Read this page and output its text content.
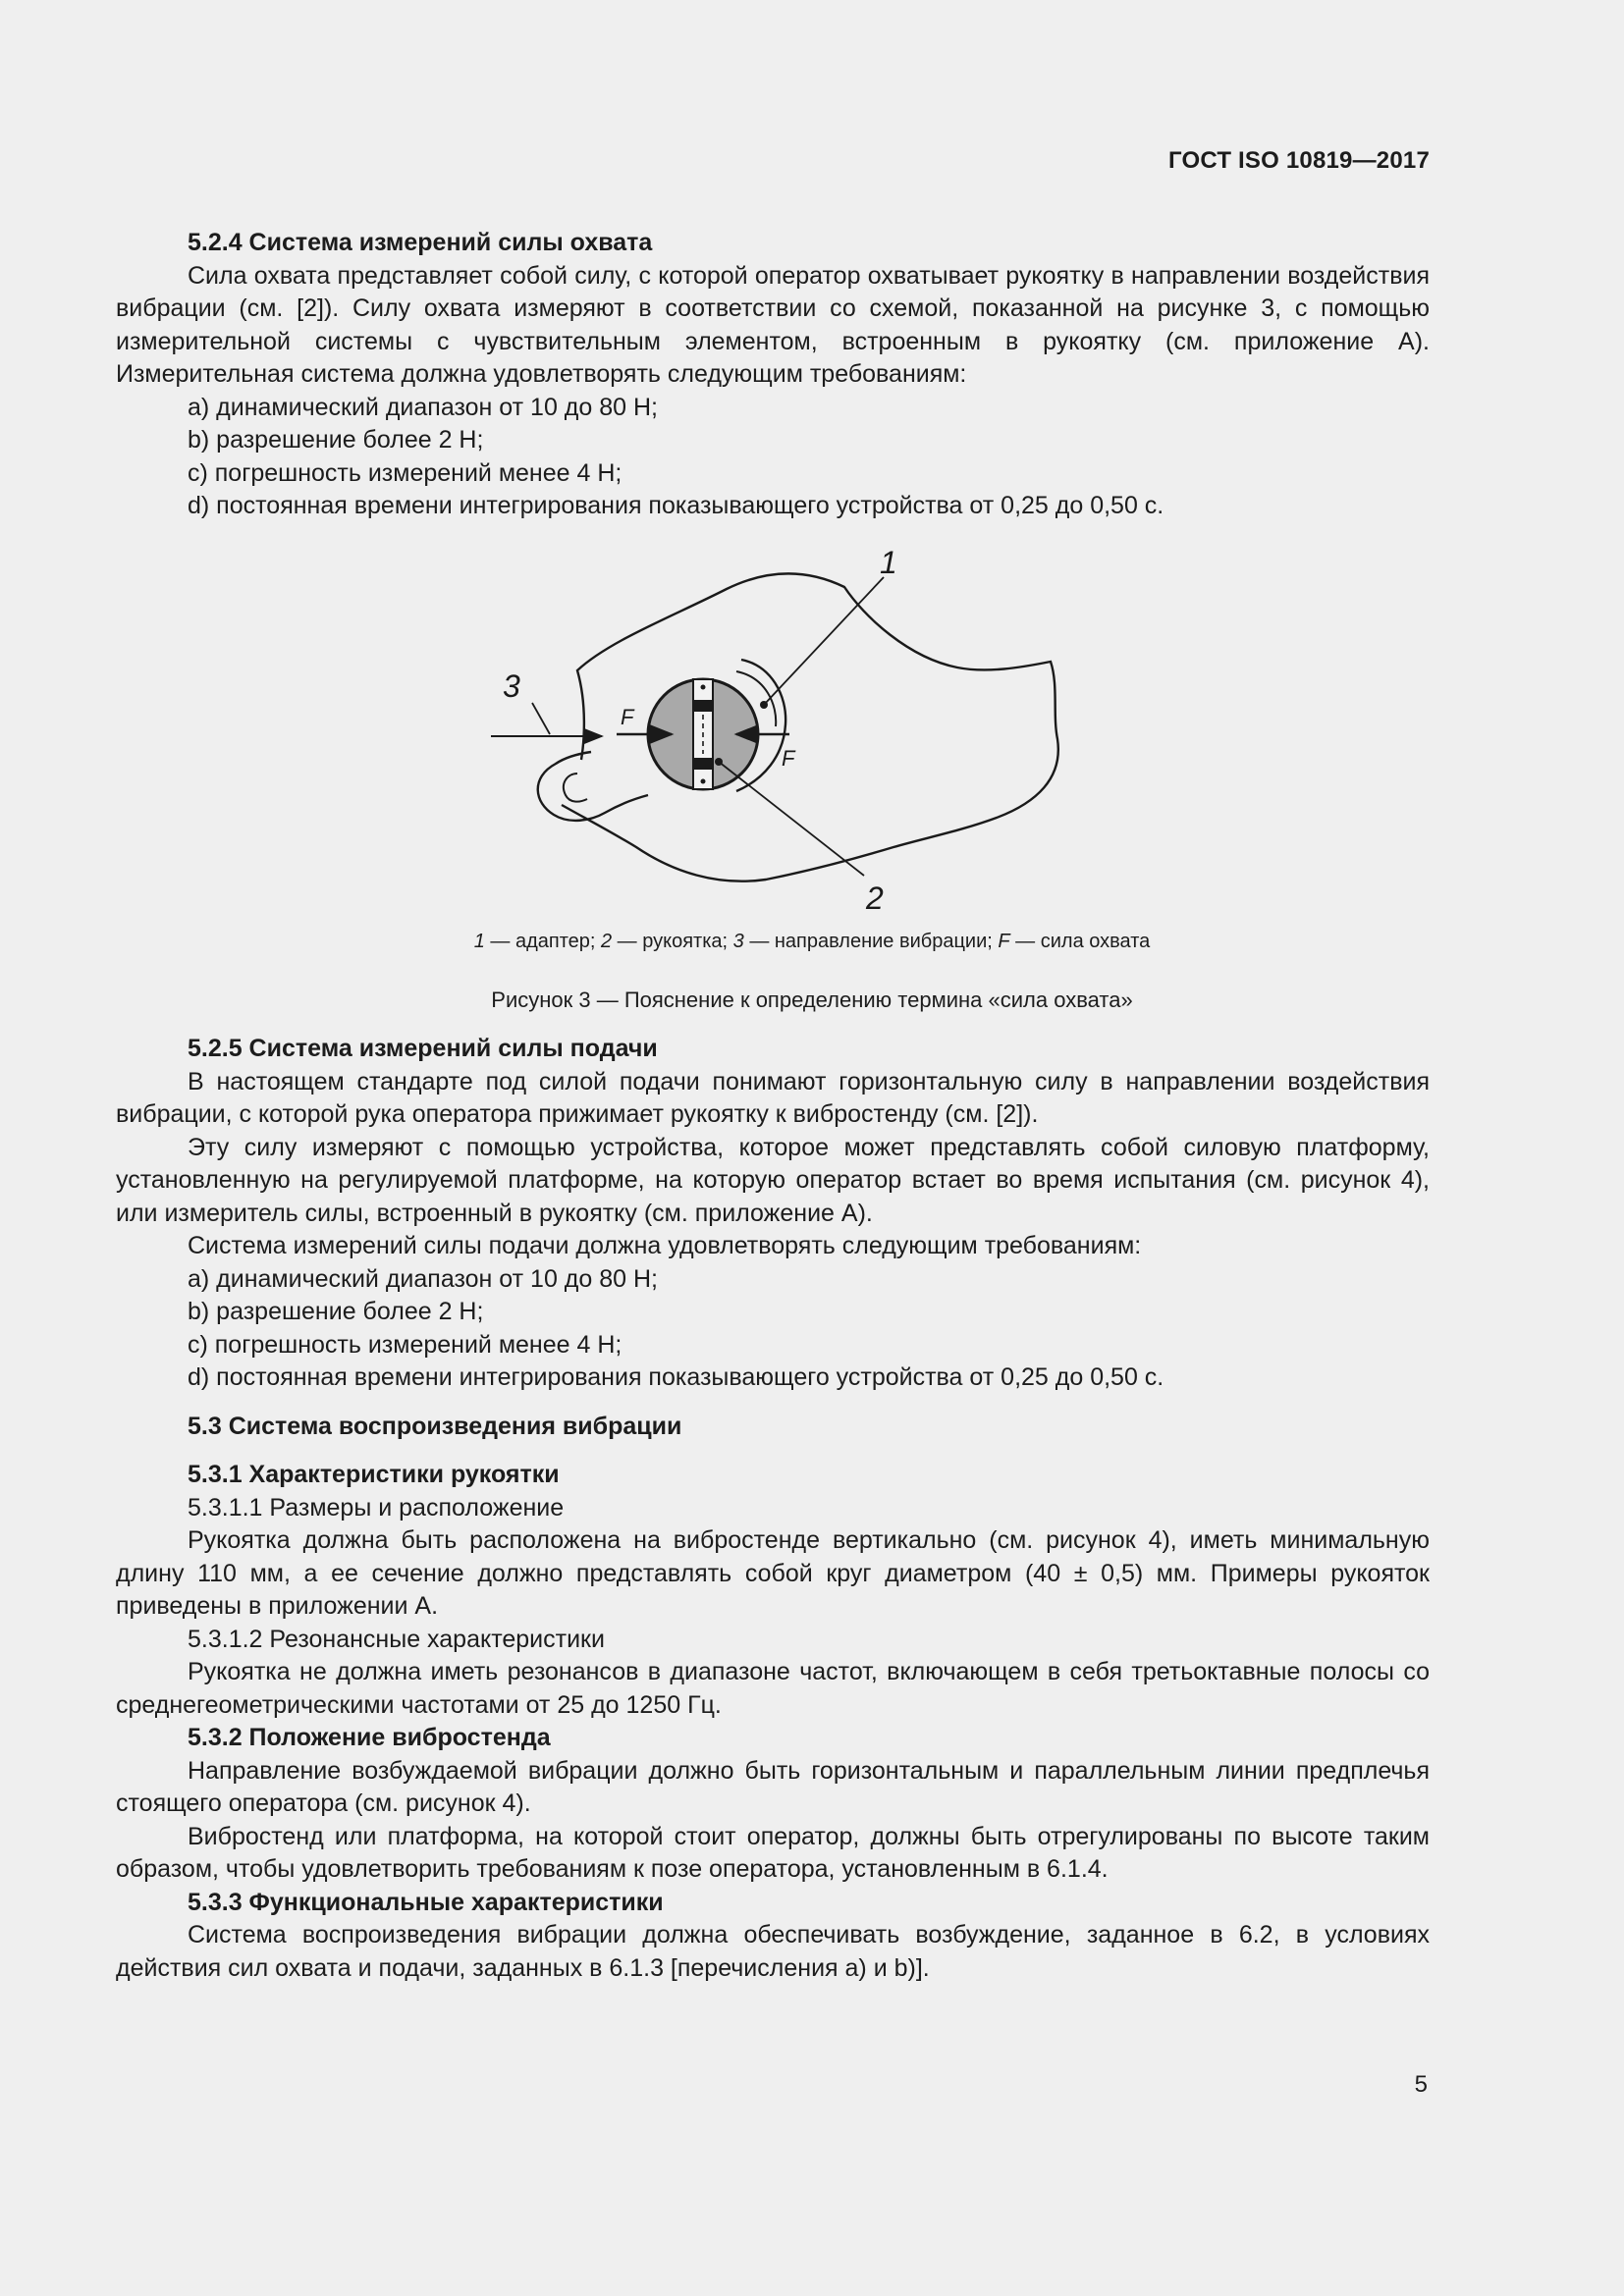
ГОСТ ISO 10819—2017

5.2.4 Система измерений силы охвата

Сила охвата представляет собой силу, с которой оператор охватывает рукоятку в направлении воздействия вибрации (см. [2]). Силу охвата измеряют в соответствии со схемой, показанной на рисунке 3, с помощью измерительной системы с чувствительным элементом, встроенным в рукоятку (см. приложение А). Измерительная система должна удовлетворять следующим требованиям:

a) динамический диапазон от 10 до 80 Н;

b) разрешение более 2 Н;

c) погрешность измерений менее 4 Н;

d) постоянная времени интегрирования показывающего устройства от 0,25 до 0,50 с.

1
2
3
F
F
1 — адаптер; 2 — рукоятка; 3 — направление вибрации; F — сила охвата
Рисунок 3 — Пояснение к определению термина «сила охвата»

5.2.5 Система измерений силы подачи

В настоящем стандарте под силой подачи понимают горизонтальную силу в направлении воздействия вибрации, с которой рука оператора прижимает рукоятку к вибростенду (см. [2]).

Эту силу измеряют с помощью устройства, которое может представлять собой силовую платформу, установленную на регулируемой платформе, на которую оператор встает во время испытания (см. рисунок 4), или измеритель силы, встроенный в рукоятку (см. приложение А).

Система измерений силы подачи должна удовлетворять следующим требованиям:

a) динамический диапазон от 10 до 80 Н;

b) разрешение более 2 Н;

c) погрешность измерений менее 4 Н;

d) постоянная времени интегрирования показывающего устройства от 0,25 до 0,50 с.

5.3 Система воспроизведения вибрации

5.3.1 Характеристики рукоятки

5.3.1.1 Размеры и расположение

Рукоятка должна быть расположена на вибростенде вертикально (см. рисунок 4), иметь минимальную длину 110 мм, а ее сечение должно представлять собой круг диаметром (40 ± 0,5) мм. Примеры рукояток приведены в приложении А.

5.3.1.2 Резонансные характеристики

Рукоятка не должна иметь резонансов в диапазоне частот, включающем в себя третьоктавные полосы со среднегеометрическими частотами от 25 до 1250 Гц.

5.3.2 Положение вибростенда

Направление возбуждаемой вибрации должно быть горизонтальным и параллельным линии предплечья стоящего оператора (см. рисунок 4).

Вибростенд или платформа, на которой стоит оператор, должны быть отрегулированы по высоте таким образом, чтобы удовлетворить требованиям к позе оператора, установленным в 6.1.4.

5.3.3 Функциональные характеристики

Система воспроизведения вибрации должна обеспечивать возбуждение, заданное в 6.2, в условиях действия сил охвата и подачи, заданных в 6.1.3 [перечисления а) и b)].

5
